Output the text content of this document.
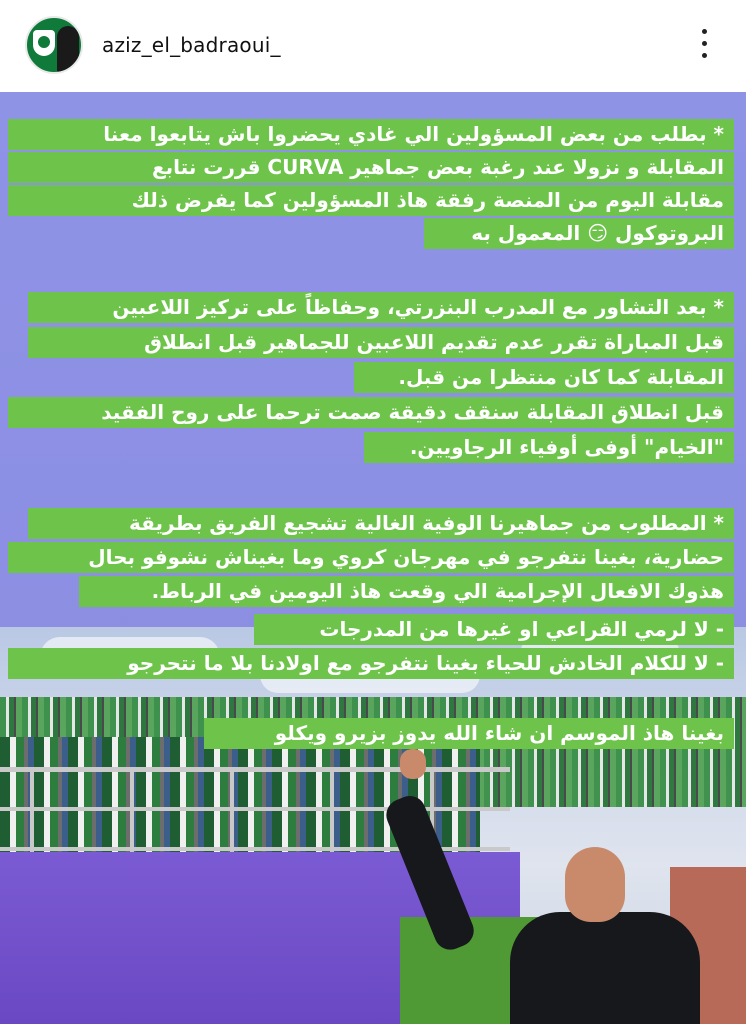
aziz_el_badraoui_
* بطلب من بعض المسؤولين الي غادي يحضروا باش يتابعوا معنا
المقابلة و نزولا عند رغبة بعض جماهير CURVA قررت نتابع
مقابلة اليوم من المنصة رفقة هاذ المسؤولين كما يفرض ذلك
البروتوكول 😏 المعمول به
* بعد التشاور مع المدرب البنزرتي، وحفاظاً على تركيز اللاعبين
قبل المباراة تقرر عدم تقديم اللاعبين للجماهير قبل انطلاق
المقابلة كما كان منتظرا من قبل.
قبل انطلاق المقابلة سنقف دقيقة صمت ترحما على روح الفقيد
"الخيام" أوفى أوفياء الرجاويين.
* المطلوب من جماهيرنا الوفية الغالية تشجيع الفريق بطريقة
حضارية، بغينا نتفرجو في مهرجان كروي وما بغيناش نشوفو بحال
هذوك الافعال الإجرامية الي وقعت هاذ اليومين في الرباط.
- لا لرمي القراعي او غيرها من المدرجات
- لا للكلام الخادش للحياء بغينا نتفرجو مع اولادنا بلا ما نتحرجو
بغينا هاذ الموسم ان شاء الله يدوز بزيرو ويكلو
